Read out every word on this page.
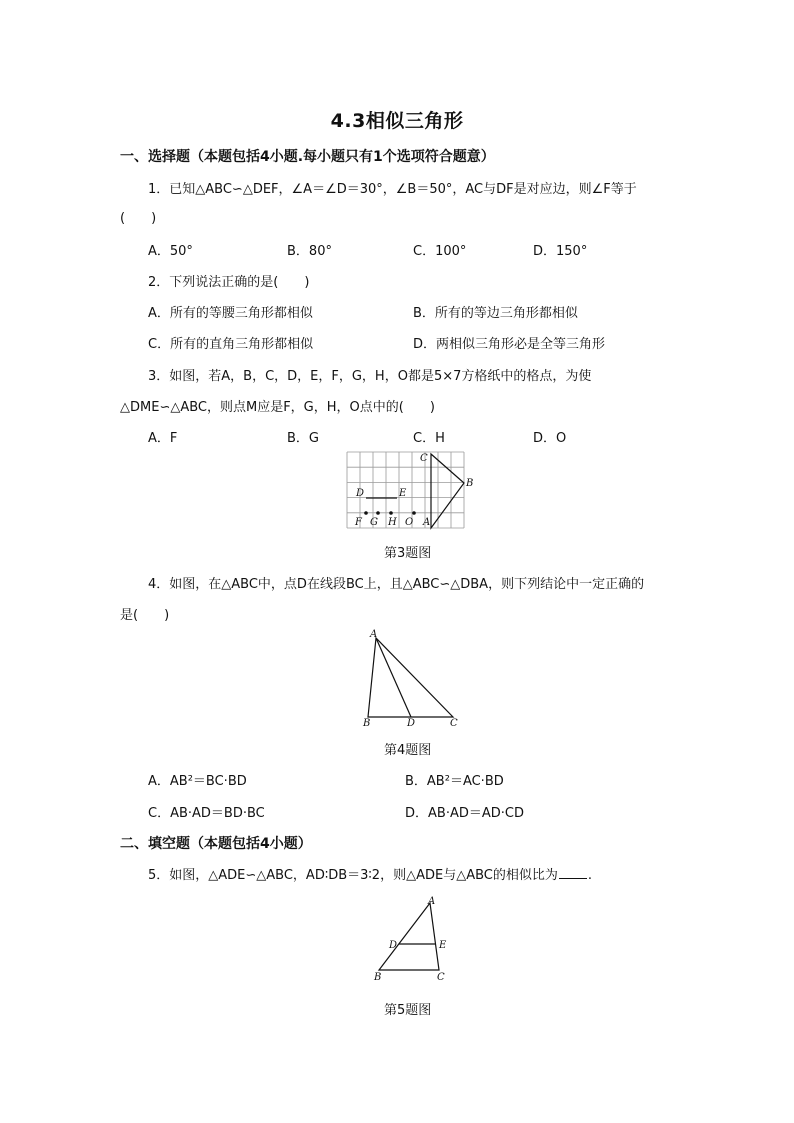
4.3相似三角形
一、选择题（本题包括4小题.每小题只有1个选项符合题意）
1．已知△ABC∽△DEF，∠A＝∠D＝30°，∠B＝50°，AC与DF是对应边，则∠F等于
(　　)
A．50°	B．80°	C．100°	D．150°
2．下列说法正确的是(　　)
A．所有的等腰三角形都相似	B．所有的等边三角形都相似
C．所有的直角三角形都相似	D．两相似三角形必是全等三角形
3．如图，若A，B，C，D，E，F，G，H，O都是5×7方格纸中的格点，为使
△DME∽△ABC，则点M应是F，G，H，O点中的(　　)
A．F	B．G	C．H	D．O
C
B
D	E
F G H O A
第3题图
4．如图，在△ABC中，点D在线段BC上，且△ABC∽△DBA，则下列结论中一定正确的
是(　　)
A
B	D	C
第4题图
A．AB²＝BC·BD	B．AB²＝AC·BD
C．AB·AD＝BD·BC	D．AB·AD＝AD·CD
二、填空题（本题包括4小题）
5．如图，△ADE∽△ABC，AD∶DB＝3∶2，则△ADE与△ABC的相似比为 .
A
D	E
B	C
第5题图
